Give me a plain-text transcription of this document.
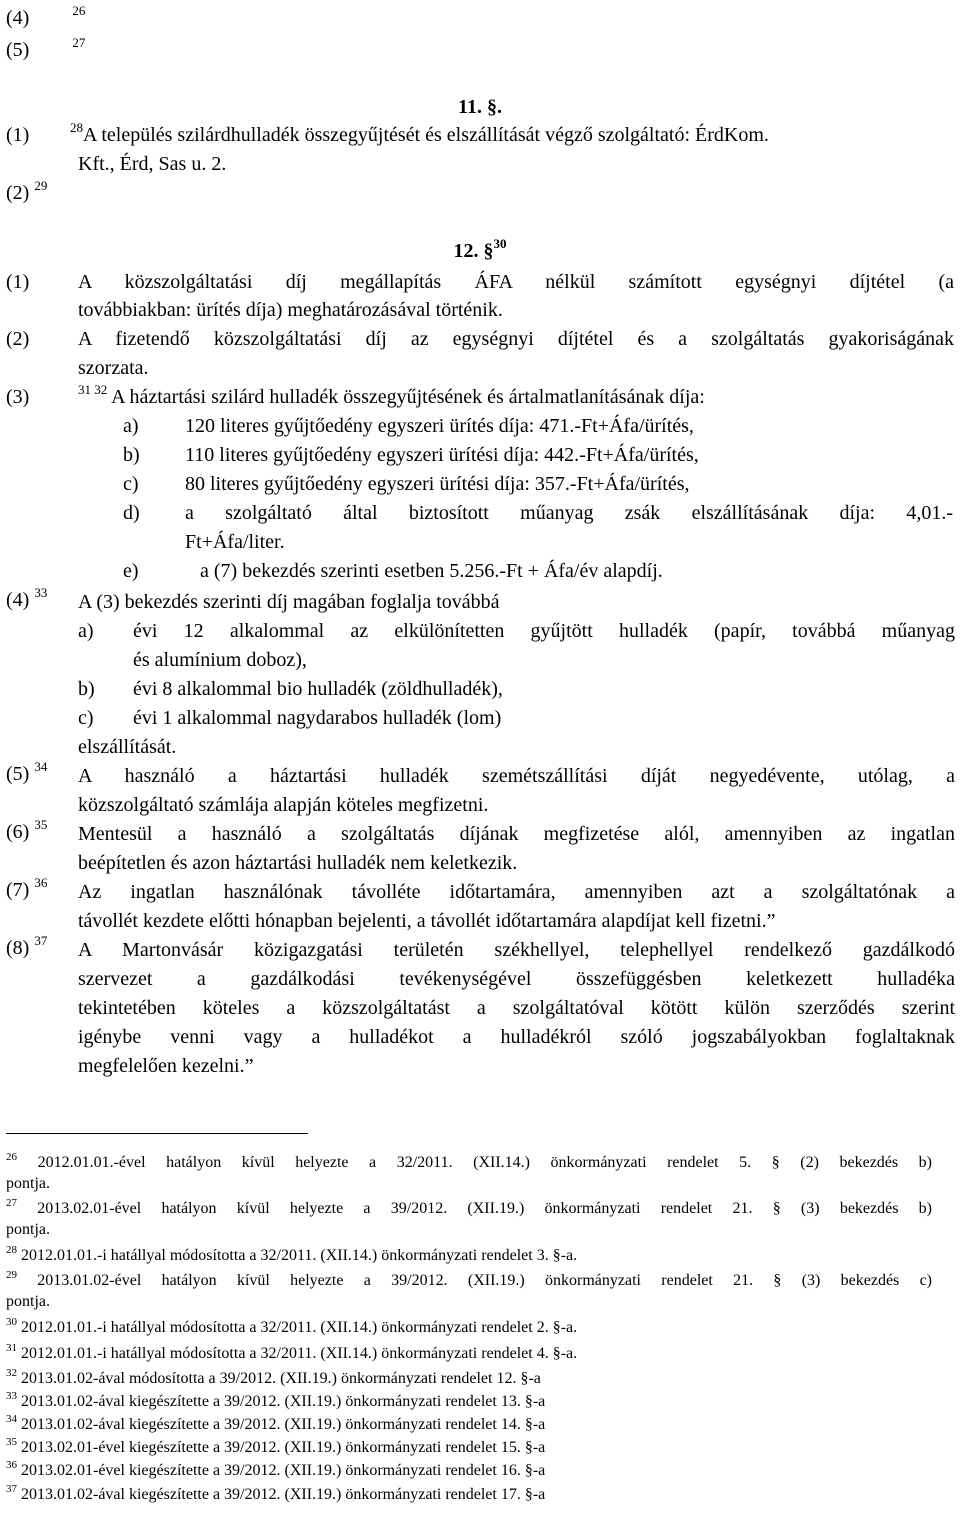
(4)	$^{26}$
(5)	$^{27}$
11. §.
(1)	$^{28}$A település szilárdhulladék összegyűjtését és elszállítását végző szolgáltató: ÉrdKom.
Kft., Érd, Sas u. 2.
(2) $^{29}$
12. §$^{30}$
(1) A közszolgáltatási díj megállapítás ÁFA nélkül számított egységnyi díjtétel (a
továbbiakban: ürítés díja) meghatározásával történik.
(2) A fizetendő közszolgáltatási díj az egységnyi díjtétel és a szolgáltatás gyakoriságának
szorzata.
(3)	$^{31 32}$ A háztartási szilárd hulladék összegyűjtésének és ártalmatlanításának díja:
a) 120 literes gyűjtőedény egyszeri ürítés díja: 471.-Ft+Áfa/ürítés,
b) 110 literes gyűjtőedény egyszeri ürítési díja: 442.-Ft+Áfa/ürítés,
c) 80 literes gyűjtőedény egyszeri ürítési díja: 357.-Ft+Áfa/ürítés,
d) a szolgáltató által biztosított műanyag zsák elszállításának díja: 4,01.-
Ft+Áfa/liter.
e)	a (7) bekezdés szerinti esetben 5.256.-Ft + Áfa/év alapdíj.
(4) $^{33}$ A (3) bekezdés szerinti díj magában foglalja továbbá
a) évi 12 alkalommal az elkülönítetten gyűjtött hulladék (papír, továbbá műanyag
és alumínium doboz),
b) évi 8 alkalommal bio hulladék (zöldhulladék),
c) évi 1 alkalommal nagydarabos hulladék (lom)
elszállítását.
(5) $^{34}$ A használó a háztartási hulladék szemétszállítási díját negyedévente, utólag, a
közszolgáltató számlája alapján köteles megfizetni.
(6) $^{35}$ Mentesül a használó a szolgáltatás díjának megfizetése alól, amennyiben az ingatlan
beépítetlen és azon háztartási hulladék nem keletkezik.
(7) $^{36}$ Az ingatlan használónak távolléte időtartamára, amennyiben azt a szolgáltatónak a
távollét kezdete előtti hónapban bejelenti, a távollét időtartamára alapdíjat kell fizetni.”
(8) $^{37}$ A Martonvásár közigazgatási területén székhellyel, telephellyel rendelkező gazdálkodó
szervezet a gazdálkodási tevékenységével összefüggésben keletkezett hulladéka
tekintetében köteles a közszolgáltatást a szolgáltatóval kötött külön szerződés szerint
igénybe venni vagy a hulladékot a hulladékról szóló jogszabályokban foglaltaknak
megfelelően kezelni.”
$^{26}$ 2012.01.01.-ével hatályon kívül helyezte a 32/2011. (XII.14.) önkormányzati rendelet 5. § (2) bekezdés b)
pontja.
$^{27}$ 2013.02.01-ével hatályon kívül helyezte a 39/2012. (XII.19.) önkormányzati rendelet 21. § (3) bekezdés b)
pontja.
$^{28}$ 2012.01.01.-i hatállyal módosította a 32/2011. (XII.14.) önkormányzati rendelet 3. §-a.
$^{29}$ 2013.01.02-ével hatályon kívül helyezte a 39/2012. (XII.19.) önkormányzati rendelet 21. § (3) bekezdés c)
pontja.
$^{30}$ 2012.01.01.-i hatállyal módosította a 32/2011. (XII.14.) önkormányzati rendelet 2. §-a.
$^{31}$ 2012.01.01.-i hatállyal módosította a 32/2011. (XII.14.) önkormányzati rendelet 4. §-a.
$^{32}$ 2013.01.02-ával módosította a 39/2012. (XII.19.) önkormányzati rendelet 12. §-a
$^{33}$ 2013.01.02-ával kiegészítette a 39/2012. (XII.19.) önkormányzati rendelet 13. §-a
$^{34}$ 2013.01.02-ával kiegészítette a 39/2012. (XII.19.) önkormányzati rendelet 14. §-a
$^{35}$ 2013.02.01-ével kiegészítette a 39/2012. (XII.19.) önkormányzati rendelet 15. §-a
$^{36}$ 2013.02.01-ével kiegészítette a 39/2012. (XII.19.) önkormányzati rendelet 16. §-a
$^{37}$ 2013.01.02-ával kiegészítette a 39/2012. (XII.19.) önkormányzati rendelet 17. §-a
